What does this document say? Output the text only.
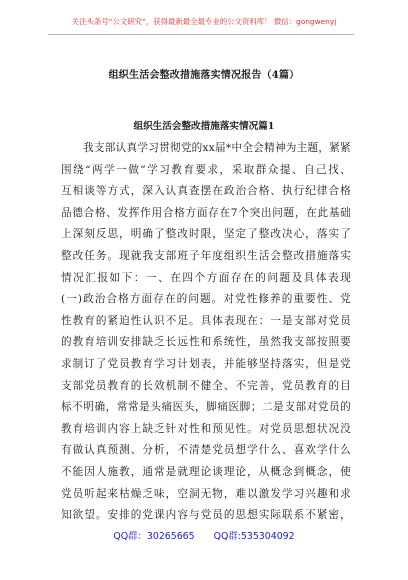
关注头条号“公文研究”，获得最新最全最专业的公文资料库！ 微信：gongwenyj
组织生活会整改措施落实情况报告（4篇）
组织生活会整改措施落实情况篇1
我支部认真学习贯彻党的xx届*中全会精神为主题，紧紧
围绕“两学一做”学习教育要求，采取群众提、自己找、
互相谈等方式，深入认真查摆在政治合格、执行纪律合格
品德合格、发挥作用合格方面存在7个突出问题，在此基础
上深刻反思，明确了整改时限，坚定了整改决心，落实了
整改任务。现就我支部班子年度组织生活会整改措施落实
情况汇报如下：一、在四个方面存在的问题及具体表现
(一)政治合格方面存在的问题。对党性修养的重要性、党
性教育的紧迫性认识不足。具体表现在：一是支部对党员
的教育培训安排缺乏长远性和系统性，虽然我支部按照要
求制订了党员教育学习计划表，并能够坚持落实，但是党
支部党员教育的长效机制不健全、不完善，党员教育的目
标不明确，常常是头痛医头，脚痛医脚；二是支部对党员的
教育培训内容上缺乏针对性和预见性。对党员思想状况没
有做认真预测、分析，不清楚党员想学什么、喜欢学什么
不能因人施教，通常是就理论谈理论，从概念到概念，使
党员听起来枯燥乏味，空洞无物，难以激发学习兴趣和求
知欲望。安排的党课内容与党员的思想实际联系不紧密，
QQ群：30265665 QQ群:535304092
